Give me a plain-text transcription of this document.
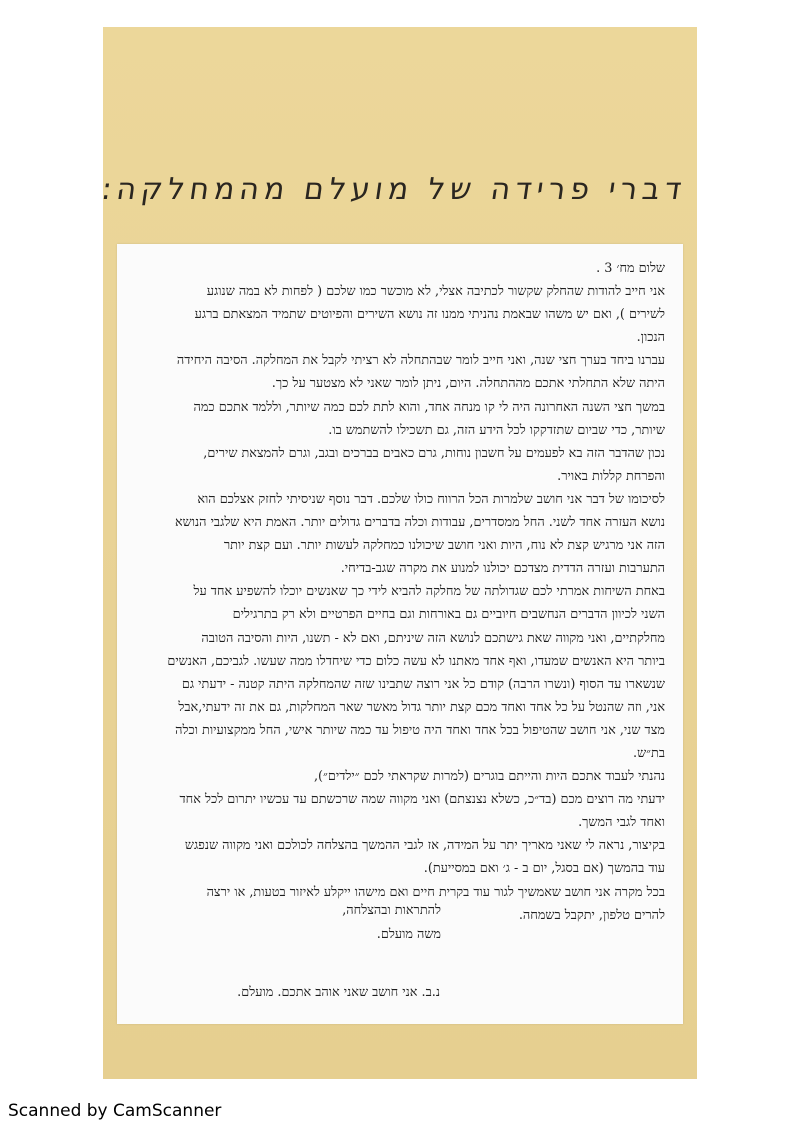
דברי פרידה של מועלם מהמחלקה:
שלום מח׳ 3 .
אני חייב להודות שהחלק שקשור לכתיבה אצלי, לא מוכשר כמו שלכם ( לפחות לא במה שנוגע
לשירים ), ואם יש משהו שבאמת נהניתי ממנו זה נושא השירים והפיוטים שתמיד המצאתם ברגע
הנכון.
עברנו ביחד בערך חצי שנה, ואני חייב לומר שבהתחלה לא רציתי לקבל את המחלקה. הסיבה היחידה
היתה שלא התחלתי אתכם מההתחלה. היום, ניתן לומר שאני לא מצטער על כך.
במשך חצי השנה האחרונה היה לי קו מנחה אחד, והוא לתת לכם כמה שיותר, וללמד אתכם כמה
שיותר, כדי שביום שתזדקקו לכל הידע הזה, גם תשכילו להשתמש בו.
נכון שהדבר הזה בא לפעמים על חשבון נוחות, גרם כאבים בברכים ובגב, וגרם להמצאת שירים,
והפרחת קללות באויר.
לסיכומו של דבר אני חושב שלמרות הכל הרווח כולו שלכם. דבר נוסף שניסיתי לחזק אצלכם הוא
נושא העזרה אחד לשני. החל ממסדרים, עבודות וכלה בדברים גדולים יותר. האמת היא שלגבי הנושא
הזה אני מרגיש קצת לא נוח, היות ואני חושב שיכולנו כמחלקה לעשות יותר. ועם קצת יותר
התערבות ועזרה הדדית מצדכם יכולנו למנוע את מקרה שגב-בדיחי.
באחת השיחות אמרתי לכם שגדולתה של מחלקה להביא לידי כך שאנשים יוכלו להשפיע אחד על
השני לכיוון הדברים הנחשבים חיוביים גם באורחות וגם בחיים הפרטיים ולא רק בתרגילים
מחלקתיים, ואני מקווה שאת גישתכם לנושא הזה שיניתם, ואם לא - תשנו, היות והסיבה הטובה
ביותר היא האנשים שמעדו, ואף אחד מאתנו לא עשה כלום כדי שיחדלו ממה שעשו. לגביכם, האנשים
שנשארו עד הסוף (ונשרו הרבה) קודם כל אני רוצה שתבינו שזה שהמחלקה היתה קטנה - ידעתי גם
אני, וזה שהנטל על כל אחד ואחד מכם קצת יותר גדול מאשר שאר המחלקות, גם את זה ידעתי,אבל
מצד שני, אני חושב שהטיפול בכל אחד ואחד היה טיפול עד כמה שיותר אישי, החל ממקצועיות וכלה
בת״ש.
נהנתי לעבוד אתכם היות והייתם בוגרים (למרות שקראתי לכם ״ילדים״),
ידעתי מה רוצים מכם (בד״כ, כשלא נצנצתם) ואני מקווה שמה שרכשתם עד עכשיו יתרום לכל אחד
ואחד לגבי המשך.
בקיצור, נראה לי שאני מאריך יתר על המידה, אז לגבי ההמשך בהצלחה לכולכם ואני מקווה שנפגש
עוד בהמשך (אם בסגל, יום ב - ג׳ ואם במסייעת).
בכל מקרה אני חושב שאמשיך לגור עוד בקרית חיים ואם מישהו ייקלע לאיזור בטעות, או ירצה
להרים טלפון, יתקבל בשמחה.
להתראות ובהצלחה,
משה מועלם.
נ.ב. אני חושב שאני אוהב אתכם. מועלם.
Scanned by CamScanner
